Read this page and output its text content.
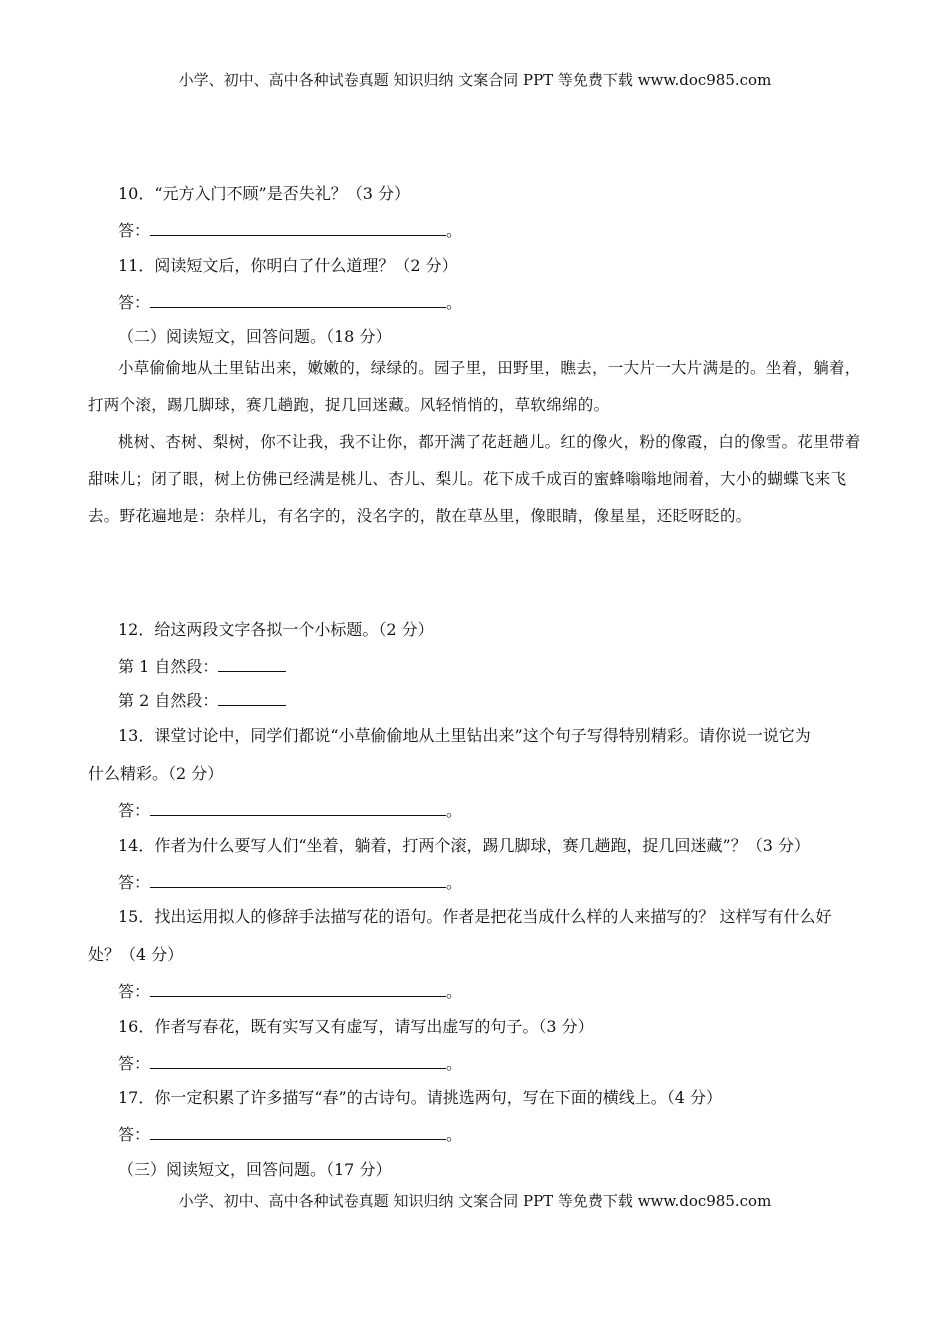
小学、初中、高中各种试卷真题 知识归纳 文案合同 PPT 等免费下载 www.doc985.com
10．“元方入门不顾”是否失礼？（3 分）
答：	。
11．阅读短文后，你明白了什么道理？（2 分）
答：	。
（二）阅读短文，回答问题。（18 分）

小草偷偷地从土里钻出来，嫩嫩的，绿绿的。园子里，田野里，瞧去，一大片一大片满是的。坐着，躺着，打两个滚，踢几脚球，赛几趟跑，捉几回迷藏。风轻悄悄的，草软绵绵的。

桃树、杏树、梨树，你不让我，我不让你，都开满了花赶趟儿。红的像火，粉的像霞，白的像雪。花里带着甜味儿；闭了眼，树上仿佛已经满是桃儿、杏儿、梨儿。花下成千成百的蜜蜂嗡嗡地闹着，大小的蝴蝶飞来飞去。野花遍地是：杂样儿，有名字的，没名字的，散在草丛里，像眼睛，像星星，还眨呀眨的。

12．给这两段文字各拟一个小标题。（2 分）
第 1 自然段：
第 2 自然段：
13．课堂讨论中，同学们都说“小草偷偷地从土里钻出来”这个句子写得特别精彩。请你说一说它为
什么精彩。（2 分）
答：	。
14．作者为什么要写人们“坐着，躺着，打两个滚，踢几脚球，赛几趟跑，捉几回迷藏”？（3 分）
答：	。
15．找出运用拟人的修辞手法描写花的语句。作者是把花当成什么样的人来描写的？ 这样写有什么好
处？（4 分）
答：	。
16．作者写春花，既有实写又有虚写，请写出虚写的句子。（3 分）
答：	。
17．你一定积累了许多描写“春”的古诗句。请挑选两句，写在下面的横线上。（4 分）
答：	。
（三）阅读短文，回答问题。（17 分）
小学、初中、高中各种试卷真题 知识归纳 文案合同 PPT 等免费下载 www.doc985.com
